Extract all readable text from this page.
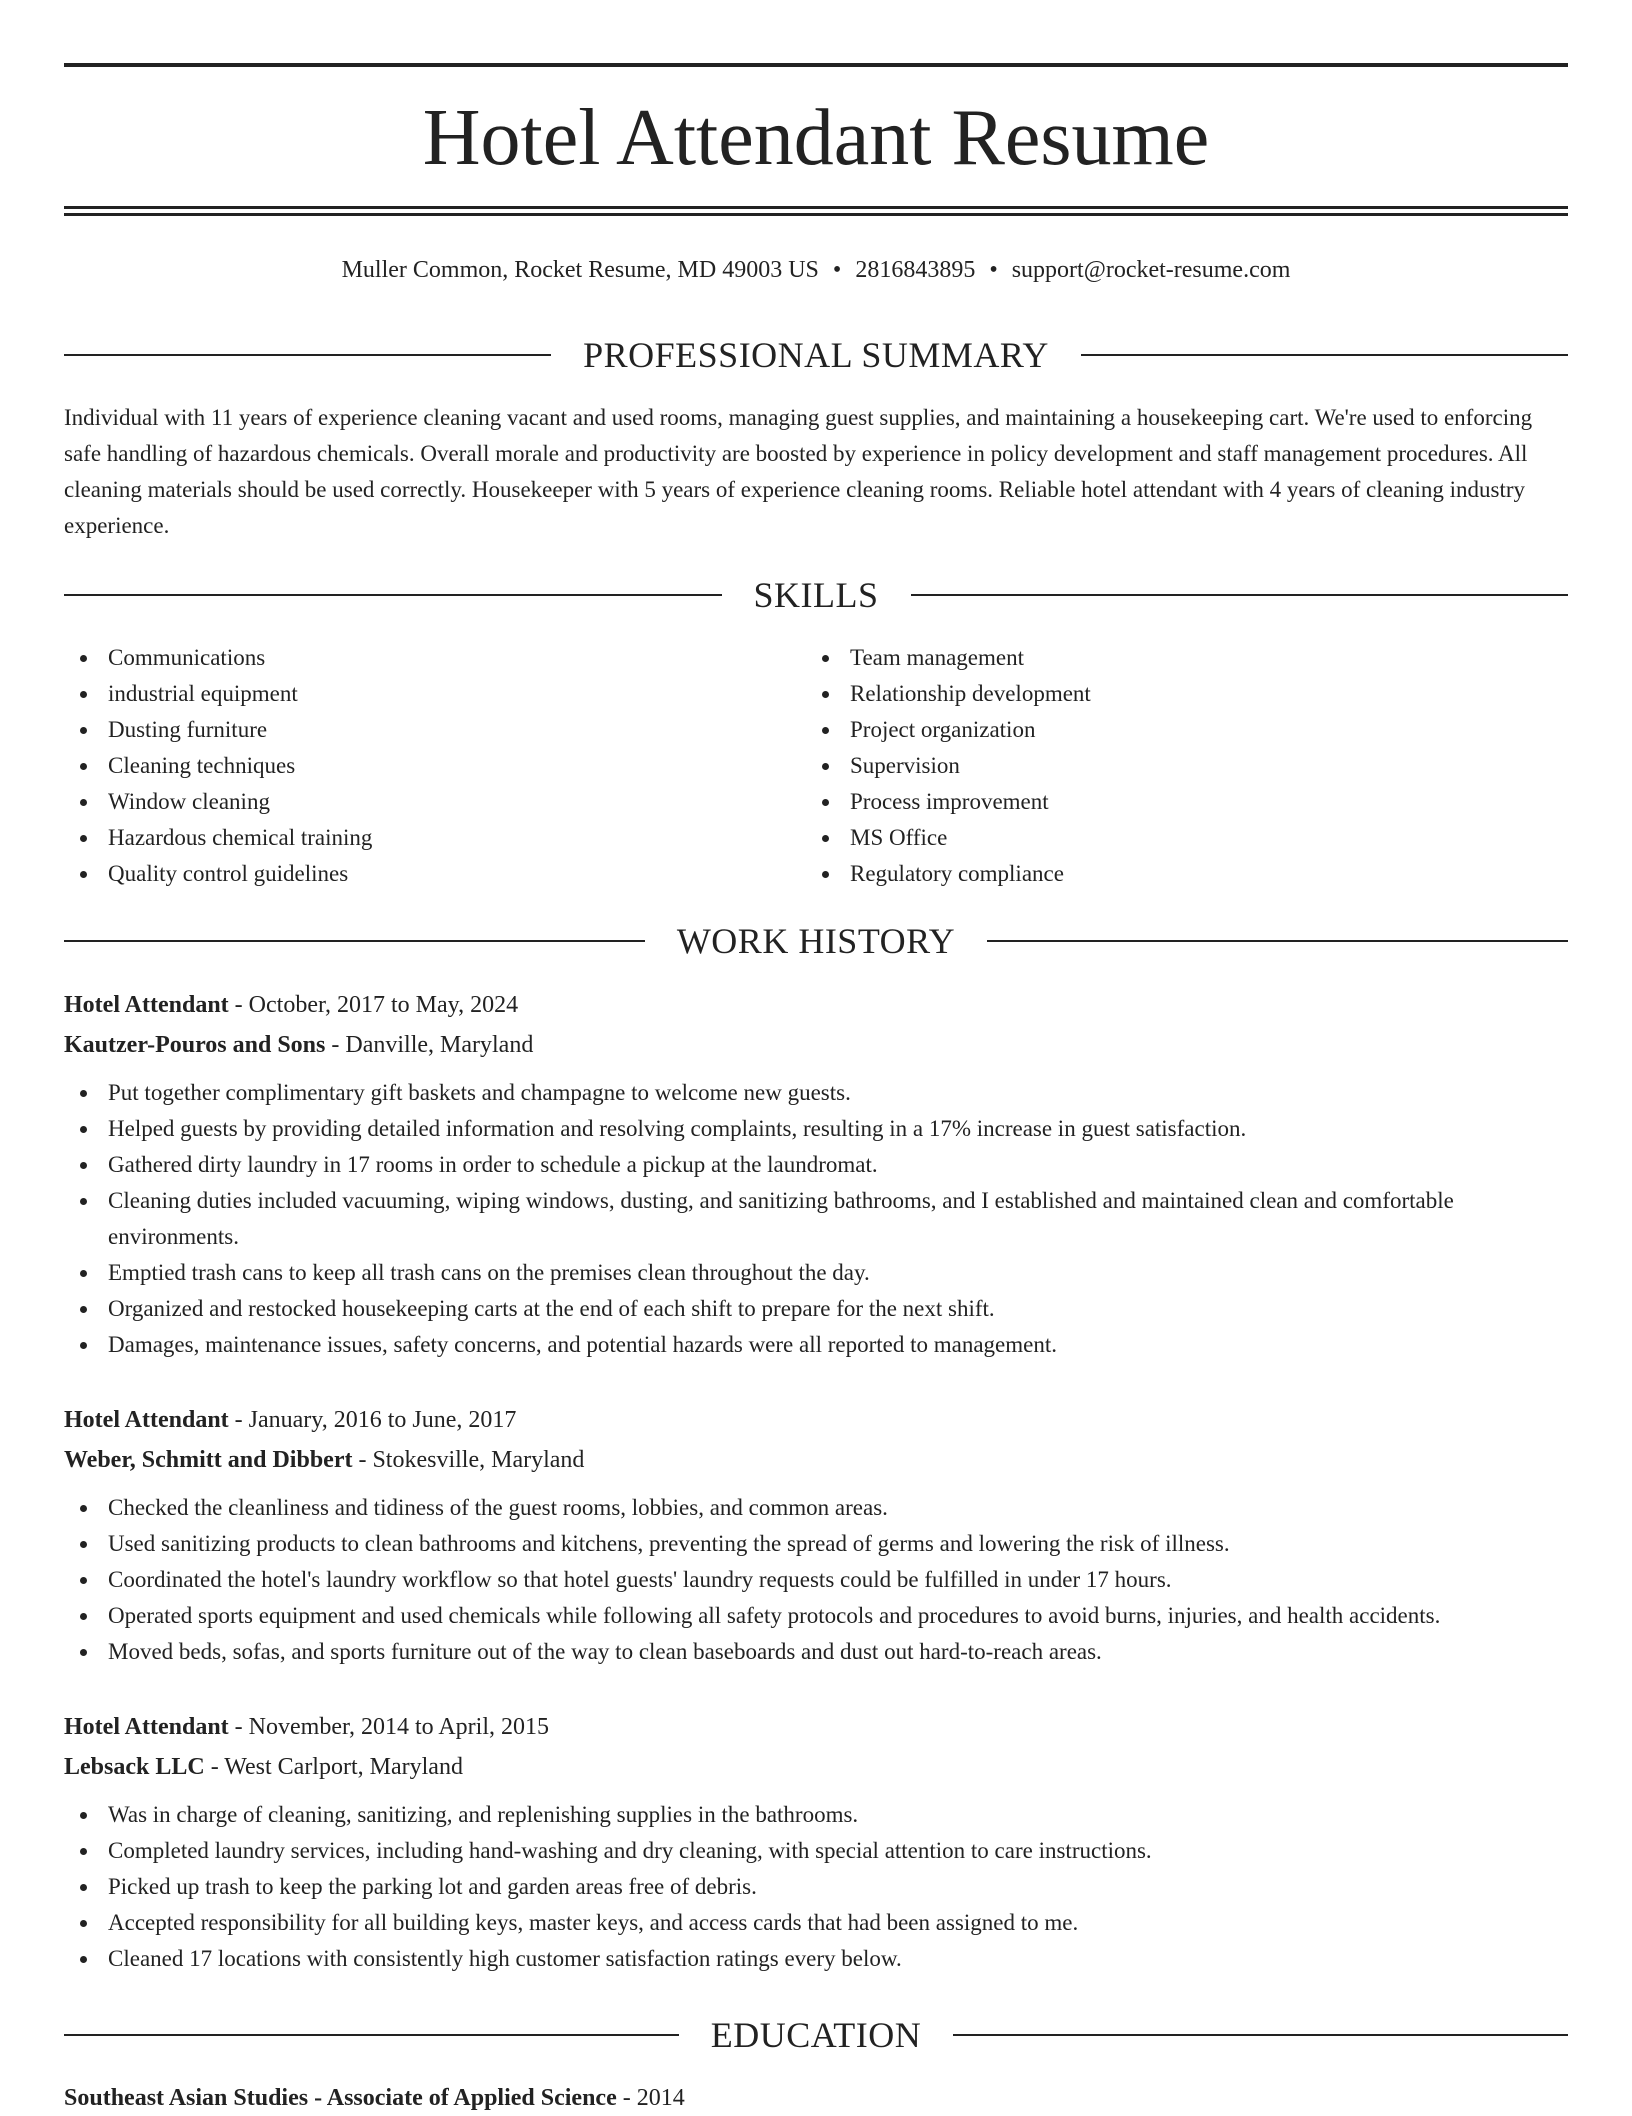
Hotel Attendant Resume
Muller Common, Rocket Resume, MD 49003 US • 2816843895 • support@rocket-resume.com
PROFESSIONAL SUMMARY

Individual with 11 years of experience cleaning vacant and used rooms, managing guest supplies, and maintaining a housekeeping cart. We're used to enforcing safe handling of hazardous chemicals. Overall morale and productivity are boosted by experience in policy development and staff management procedures. All cleaning materials should be used correctly. Housekeeper with 5 years of experience cleaning rooms. Reliable hotel attendant with 4 years of cleaning industry experience.

SKILLS
Communications
industrial equipment
Dusting furniture
Cleaning techniques
Window cleaning
Hazardous chemical training
Quality control guidelines
Team management
Relationship development
Project organization
Supervision
Process improvement
MS Office
Regulatory compliance
WORK HISTORY
Hotel Attendant - October, 2017 to May, 2024
Kautzer-Pouros and Sons - Danville, Maryland
Put together complimentary gift baskets and champagne to welcome new guests.
Helped guests by providing detailed information and resolving complaints, resulting in a 17% increase in guest satisfaction.
Gathered dirty laundry in 17 rooms in order to schedule a pickup at the laundromat.
Cleaning duties included vacuuming, wiping windows, dusting, and sanitizing bathrooms, and I established and maintained clean and comfortable environments.
Emptied trash cans to keep all trash cans on the premises clean throughout the day.
Organized and restocked housekeeping carts at the end of each shift to prepare for the next shift.
Damages, maintenance issues, safety concerns, and potential hazards were all reported to management.
Hotel Attendant - January, 2016 to June, 2017
Weber, Schmitt and Dibbert - Stokesville, Maryland
Checked the cleanliness and tidiness of the guest rooms, lobbies, and common areas.
Used sanitizing products to clean bathrooms and kitchens, preventing the spread of germs and lowering the risk of illness.
Coordinated the hotel's laundry workflow so that hotel guests' laundry requests could be fulfilled in under 17 hours.
Operated sports equipment and used chemicals while following all safety protocols and procedures to avoid burns, injuries, and health accidents.
Moved beds, sofas, and sports furniture out of the way to clean baseboards and dust out hard-to-reach areas.
Hotel Attendant - November, 2014 to April, 2015
Lebsack LLC - West Carlport, Maryland
Was in charge of cleaning, sanitizing, and replenishing supplies in the bathrooms.
Completed laundry services, including hand-washing and dry cleaning, with special attention to care instructions.
Picked up trash to keep the parking lot and garden areas free of debris.
Accepted responsibility for all building keys, master keys, and access cards that had been assigned to me.
Cleaned 17 locations with consistently high customer satisfaction ratings every below.
EDUCATION
Southeast Asian Studies - Associate of Applied Science - 2014
